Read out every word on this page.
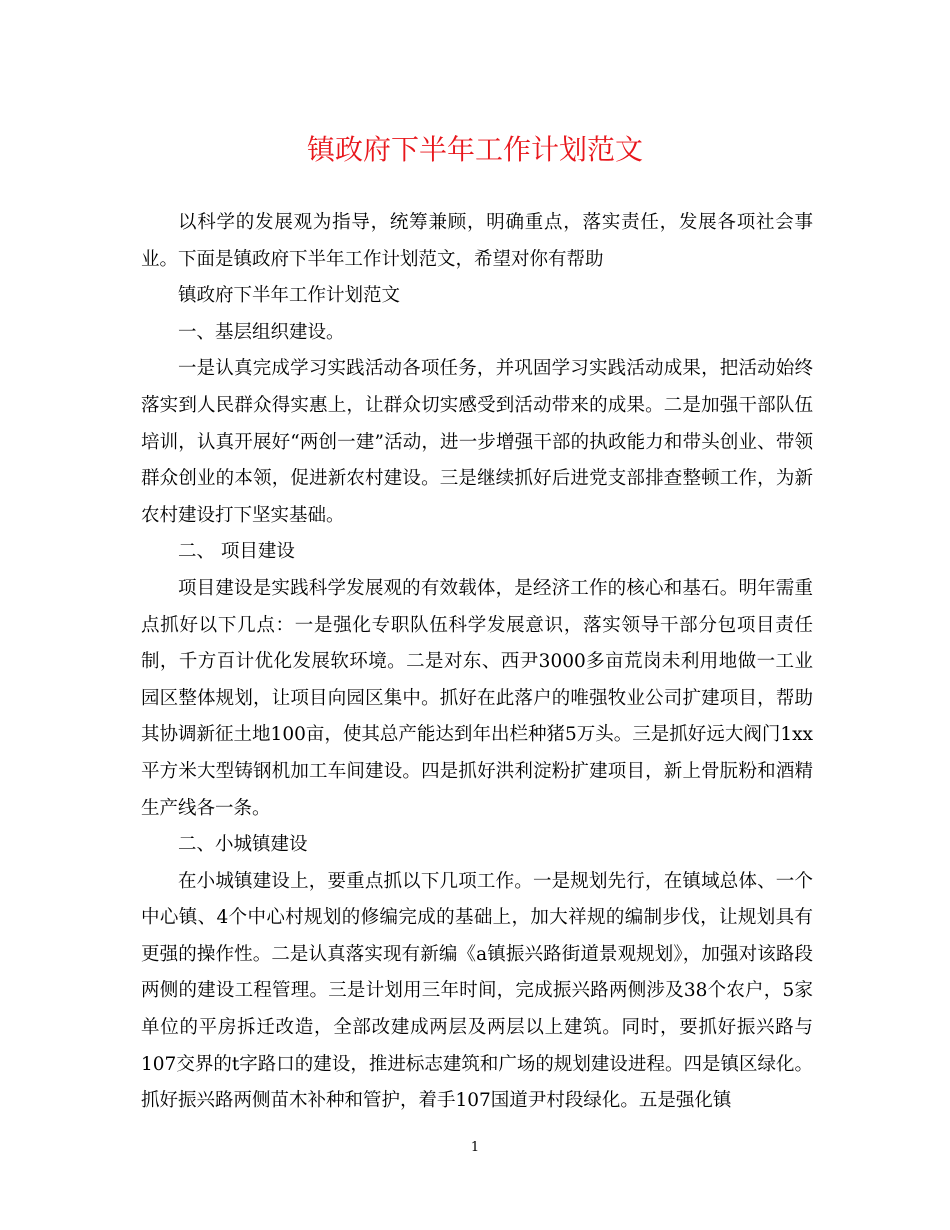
镇政府下半年工作计划范文

以科学的发展观为指导，统筹兼顾，明确重点，落实责任，发展各项社会事业。下面是镇政府下半年工作计划范文，希望对你有帮助

镇政府下半年工作计划范文

一、基层组织建设。

一是认真完成学习实践活动各项任务，并巩固学习实践活动成果，把活动始终落实到人民群众得实惠上，让群众切实感受到活动带来的成果。二是加强干部队伍培训，认真开展好“两创一建”活动，进一步增强干部的执政能力和带头创业、带领群众创业的本领，促进新农村建设。三是继续抓好后进党支部排查整顿工作，为新农村建设打下坚实基础。

二、 项目建设

项目建设是实践科学发展观的有效载体，是经济工作的核心和基石。明年需重点抓好以下几点：一是强化专职队伍科学发展意识，落实领导干部分包项目责任制，千方百计优化发展软环境。二是对东、西尹3000多亩荒岗未利用地做一工业园区整体规划，让项目向园区集中。抓好在此落户的唯强牧业公司扩建项目，帮助其协调新征土地100亩，使其总产能达到年出栏种猪5万头。三是抓好远大阀门1xx平方米大型铸钢机加工车间建设。四是抓好洪利淀粉扩建项目，新上骨朊粉和酒精生产线各一条。

二、小城镇建设

在小城镇建设上，要重点抓以下几项工作。一是规划先行，在镇域总体、一个中心镇、4个中心村规划的修编完成的基础上，加大祥规的编制步伐，让规划具有更强的操作性。二是认真落实现有新编《a镇振兴路街道景观规划》，加强对该路段两侧的建设工程管理。三是计划用三年时间，完成振兴路两侧涉及38个农户，5家单位的平房拆迁改造，全部改建成两层及两层以上建筑。同时，要抓好振兴路与107交界的t字路口的建设，推进标志建筑和广场的规划建设进程。四是镇区绿化。抓好振兴路两侧苗木补种和管护，着手107国道尹村段绿化。五是强化镇

1
